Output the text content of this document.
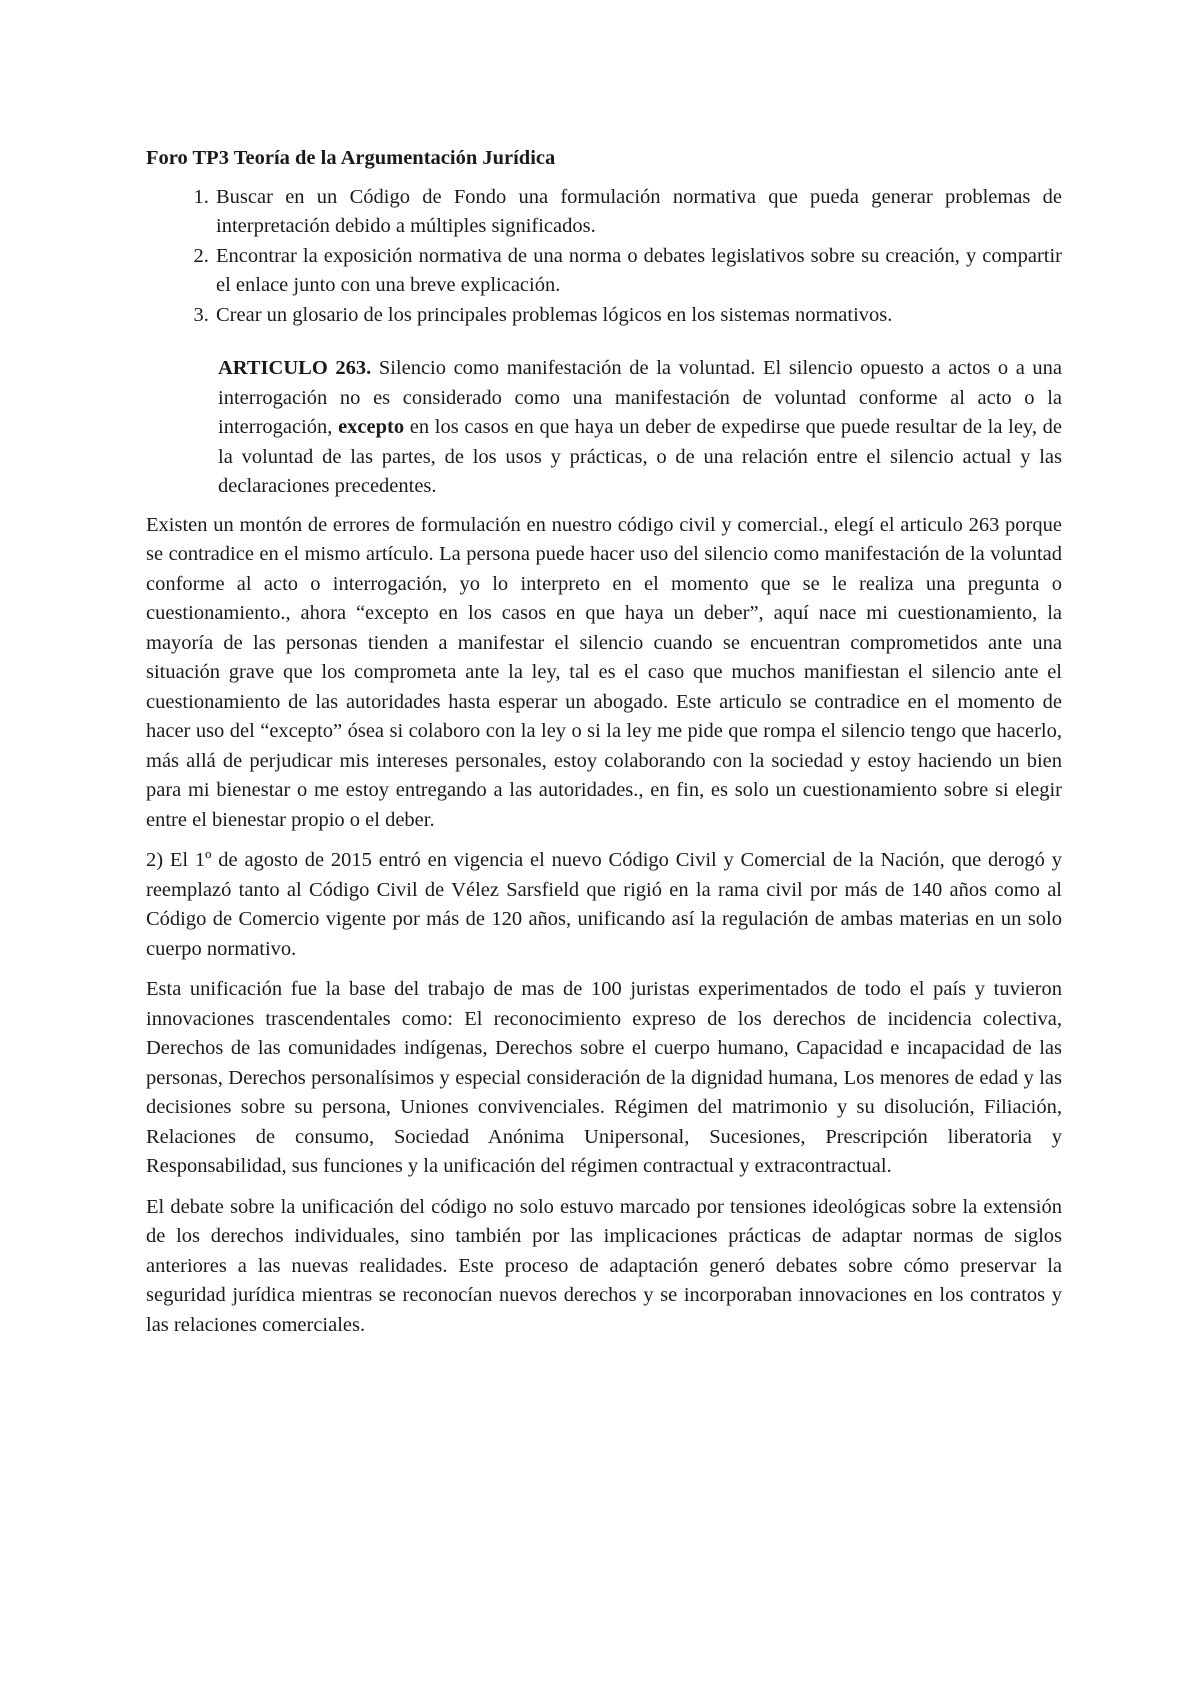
Foro TP3 Teoría de la Argumentación Jurídica
1. Buscar en un Código de Fondo una formulación normativa que pueda generar problemas de interpretación debido a múltiples significados.
2. Encontrar la exposición normativa de una norma o debates legislativos sobre su creación, y compartir el enlace junto con una breve explicación.
3. Crear un glosario de los principales problemas lógicos en los sistemas normativos.
ARTICULO 263. Silencio como manifestación de la voluntad. El silencio opuesto a actos o a una interrogación no es considerado como una manifestación de voluntad conforme al acto o la interrogación, excepto en los casos en que haya un deber de expedirse que puede resultar de la ley, de la voluntad de las partes, de los usos y prácticas, o de una relación entre el silencio actual y las declaraciones precedentes.

Existen un montón de errores de formulación en nuestro código civil y comercial., elegí el articulo 263 porque se contradice en el mismo artículo. La persona puede hacer uso del silencio como manifestación de la voluntad conforme al acto o interrogación, yo lo interpreto en el momento que se le realiza una pregunta o cuestionamiento., ahora “excepto en los casos en que haya un deber”, aquí nace mi cuestionamiento, la mayoría de las personas tienden a manifestar el silencio cuando se encuentran comprometidos ante una situación grave que los comprometa ante la ley, tal es el caso que muchos manifiestan el silencio ante el cuestionamiento de las autoridades hasta esperar un abogado. Este articulo se contradice en el momento de hacer uso del “excepto” ósea si colaboro con la ley o si la ley me pide que rompa el silencio tengo que hacerlo, más allá de perjudicar mis intereses personales, estoy colaborando con la sociedad y estoy haciendo un bien para mi bienestar o me estoy entregando a las autoridades., en fin, es solo un cuestionamiento sobre si elegir entre el bienestar propio o el deber.

2) El 1º de agosto de 2015 entró en vigencia el nuevo Código Civil y Comercial de la Nación, que derogó y reemplazó tanto al Código Civil de Vélez Sarsfield que rigió en la rama civil por más de 140 años como al Código de Comercio vigente por más de 120 años, unificando así la regulación de ambas materias en un solo cuerpo normativo.

Esta unificación fue la base del trabajo de mas de 100 juristas experimentados de todo el país y tuvieron innovaciones trascendentales como: El reconocimiento expreso de los derechos de incidencia colectiva, Derechos de las comunidades indígenas, Derechos sobre el cuerpo humano, Capacidad e incapacidad de las personas, Derechos personalísimos y especial consideración de la dignidad humana, Los menores de edad y las decisiones sobre su persona, Uniones convivenciales. Régimen del matrimonio y su disolución, Filiación, Relaciones de consumo, Sociedad Anónima Unipersonal, Sucesiones, Prescripción liberatoria y Responsabilidad, sus funciones y la unificación del régimen contractual y extracontractual.

El debate sobre la unificación del código no solo estuvo marcado por tensiones ideológicas sobre la extensión de los derechos individuales, sino también por las implicaciones prácticas de adaptar normas de siglos anteriores a las nuevas realidades. Este proceso de adaptación generó debates sobre cómo preservar la seguridad jurídica mientras se reconocían nuevos derechos y se incorporaban innovaciones en los contratos y las relaciones comerciales.
